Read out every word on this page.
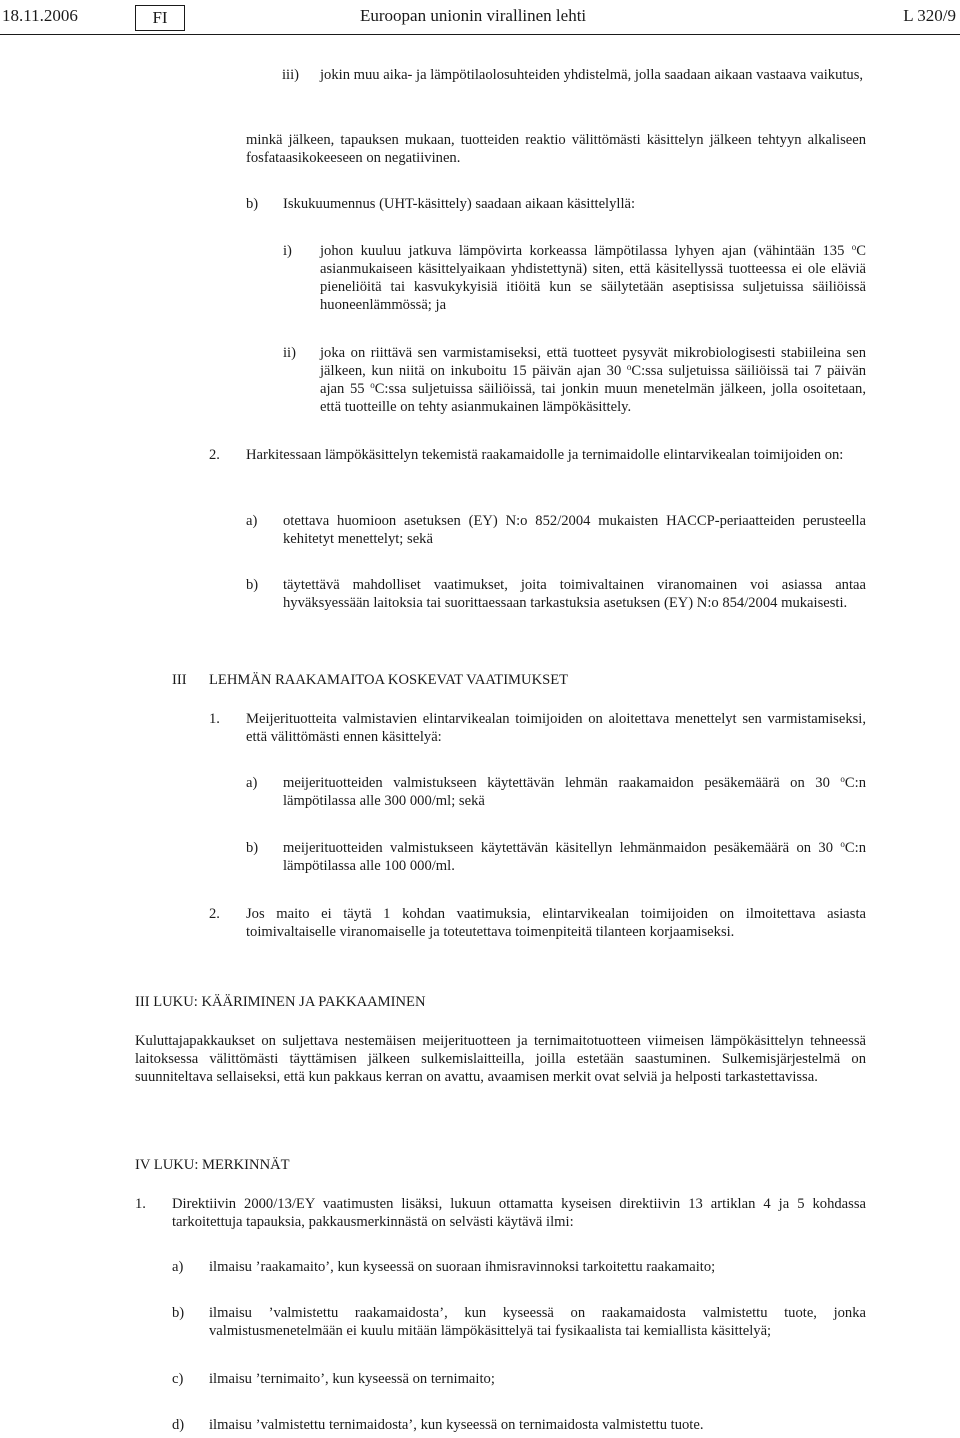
18.11.2006	FI	Euroopan unionin virallinen lehti	L 320/9
iii) jokin muu aika- ja lämpötilaolosuhteiden yhdistelmä, jolla saadaan aikaan vastaava vaikutus,
minkä jälkeen, tapauksen mukaan, tuotteiden reaktio välittömästi käsittelyn jälkeen tehtyyn alkaliseen fosfataasikokeeseen on negatiivinen.
b) Iskukuumennus (UHT-käsittely) saadaan aikaan käsittelyllä:
i) johon kuuluu jatkuva lämpövirta korkeassa lämpötilassa lyhyen ajan (vähintään 135 $^o$C asianmukaiseen käsittelyaikaan yhdistettynä) siten, että käsitellyssä tuotteessa ei ole eläviä pieneliöitä tai kasvukykyisiä itiöitä kun se säilytetään aseptisissa suljetuissa säiliöissä huoneenlämmössä; ja
ii) joka on riittävä sen varmistamiseksi, että tuotteet pysyvät mikrobiologisesti stabiileina sen jälkeen, kun niitä on inkuboitu 15 päivän ajan 30 $^o$C:ssa suljetuissa säiliöissä tai 7 päivän ajan 55 $^o$C:ssa suljetuissa säiliöissä, tai jonkin muun menetelmän jälkeen, jolla osoitetaan, että tuotteille on tehty asianmukainen lämpökäsittely.
2. Harkitessaan lämpökäsittelyn tekemistä raakamaidolle ja ternimaidolle elintarvikealan toimijoiden on:
a) otettava huomioon asetuksen (EY) N:o 852/2004 mukaisten HACCP-periaatteiden perusteella kehitetyt menettelyt; sekä
b) täytettävä mahdolliset vaatimukset, joita toimivaltainen viranomainen voi asiassa antaa hyväksyessään laitoksia tai suorittaessaan tarkastuksia asetuksen (EY) N:o 854/2004 mukaisesti.
III LEHMÄN RAAKAMAITOA KOSKEVAT VAATIMUKSET
1. Meijerituotteita valmistavien elintarvikealan toimijoiden on aloitettava menettelyt sen varmistamiseksi, että välittömästi ennen käsittelyä:
a) meijerituotteiden valmistukseen käytettävän lehmän raakamaidon pesäkemäärä on 30 $^o$C:n lämpötilassa alle 300 000/ml; sekä
b) meijerituotteiden valmistukseen käytettävän käsitellyn lehmänmaidon pesäkemäärä on 30 $^o$C:n lämpötilassa alle 100 000/ml.
2. Jos maito ei täytä 1 kohdan vaatimuksia, elintarvikealan toimijoiden on ilmoitettava asiasta toimivaltaiselle viranomaiselle ja toteutettava toimenpiteitä tilanteen korjaamiseksi.
III LUKU: KÄÄRIMINEN JA PAKKAAMINEN
Kuluttajapakkaukset on suljettava nestemäisen meijerituotteen ja ternimaitotuotteen viimeisen lämpökäsittelyn tehneessä laitoksessa välittömästi täyttämisen jälkeen sulkemislaitteilla, joilla estetään saastuminen. Sulkemisjärjestelmä on suunniteltava sellaiseksi, että kun pakkaus kerran on avattu, avaamisen merkit ovat selviä ja helposti tarkastettavissa.
IV LUKU: MERKINNÄT
1. Direktiivin 2000/13/EY vaatimusten lisäksi, lukuun ottamatta kyseisen direktiivin 13 artiklan 4 ja 5 kohdassa tarkoitettuja tapauksia, pakkausmerkinnästä on selvästi käytävä ilmi:
a) ilmaisu ’raakamaito’, kun kyseessä on suoraan ihmisravinnoksi tarkoitettu raakamaito;
b) ilmaisu ’valmistettu raakamaidosta’, kun kyseessä on raakamaidosta valmistettu tuote, jonka valmistusmenetelmään ei kuulu mitään lämpökäsittelyä tai fysikaalista tai kemiallista käsittelyä;
c) ilmaisu ’ternimaito’, kun kyseessä on ternimaito;
d) ilmaisu ’valmistettu ternimaidosta’, kun kyseessä on ternimaidosta valmistettu tuote.
